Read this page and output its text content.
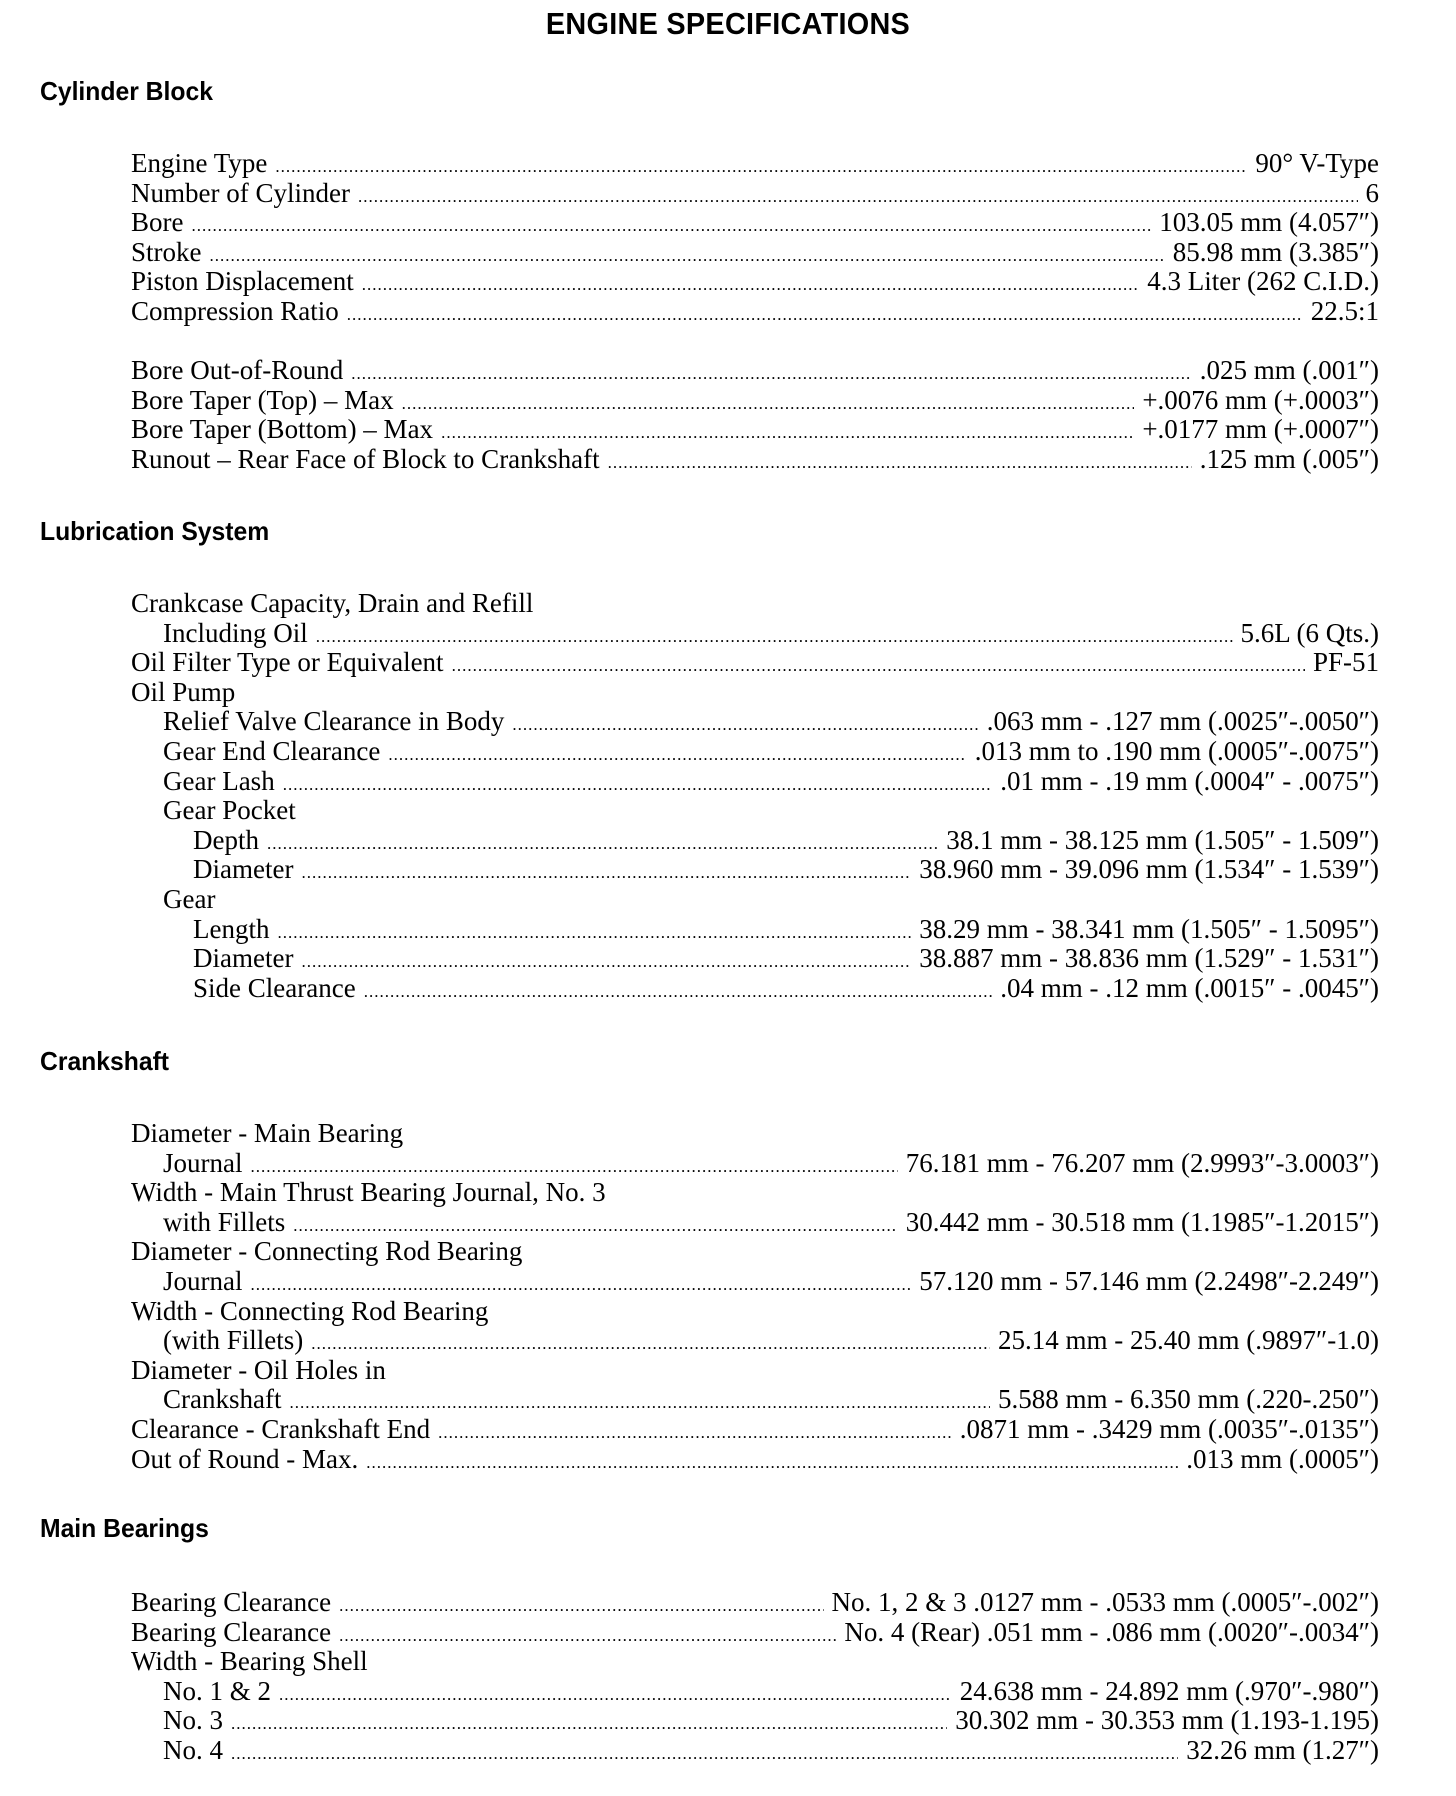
ENGINE SPECIFICATIONS
Cylinder Block
Engine Type .....	90° V-Type
Number of Cylinder .....	6
Bore .....	103.05 mm (4.057″)
Stroke .....	85.98 mm (3.385″)
Piston Displacement .....	4.3 Liter (262 C.I.D.)
Compression Ratio .....	22.5:1
Bore Out-of-Round .....	.025 mm (.001″)
Bore Taper (Top) – Max .....	+.0076 mm (+.0003″)
Bore Taper (Bottom) – Max .....	+.0177 mm (+.0007″)
Runout – Rear Face of Block to Crankshaft .....	.125 mm (.005″)
Lubrication System
Crankcase Capacity, Drain and Refill
Including Oil .....	5.6L (6 Qts.)
Oil Filter Type or Equivalent .....	PF-51
Oil Pump
Relief Valve Clearance in Body .....	.063 mm - .127 mm (.0025″-.0050″)
Gear End Clearance .....	.013 mm to .190 mm (.0005″-.0075″)
Gear Lash .....	.01 mm - .19 mm (.0004″ - .0075″)
Gear Pocket
Depth .....	38.1 mm - 38.125 mm (1.505″ - 1.509″)
Diameter .....	38.960 mm - 39.096 mm (1.534″ - 1.539″)
Gear
Length .....	38.29 mm - 38.341 mm (1.505″ - 1.5095″)
Diameter .....	38.887 mm - 38.836 mm (1.529″ - 1.531″)
Side Clearance .....	.04 mm - .12 mm (.0015″ - .0045″)
Crankshaft
Diameter - Main Bearing
Journal .....	76.181 mm - 76.207 mm (2.9993″-3.0003″)
Width - Main Thrust Bearing Journal, No. 3
with Fillets .....	30.442 mm - 30.518 mm (1.1985″-1.2015″)
Diameter - Connecting Rod Bearing
Journal .....	57.120 mm - 57.146 mm (2.2498″-2.249″)
Width - Connecting Rod Bearing
(with Fillets) .....	25.14 mm - 25.40 mm (.9897″-1.0)
Diameter - Oil Holes in
Crankshaft .....	5.588 mm - 6.350 mm (.220-.250″)
Clearance - Crankshaft End .....	.0871 mm - .3429 mm (.0035″-.0135″)
Out of Round - Max. .....	.013 mm (.0005″)
Main Bearings
Bearing Clearance .....	No. 1, 2 & 3 .0127 mm - .0533 mm (.0005″-.002″)
Bearing Clearance .....	No. 4 (Rear) .051 mm - .086 mm (.0020″-.0034″)
Width - Bearing Shell
No. 1 & 2 .....	24.638 mm - 24.892 mm (.970″-.980″)
No. 3 .....	30.302 mm - 30.353 mm (1.193-1.195)
No. 4 .....	32.26 mm (1.27″)
